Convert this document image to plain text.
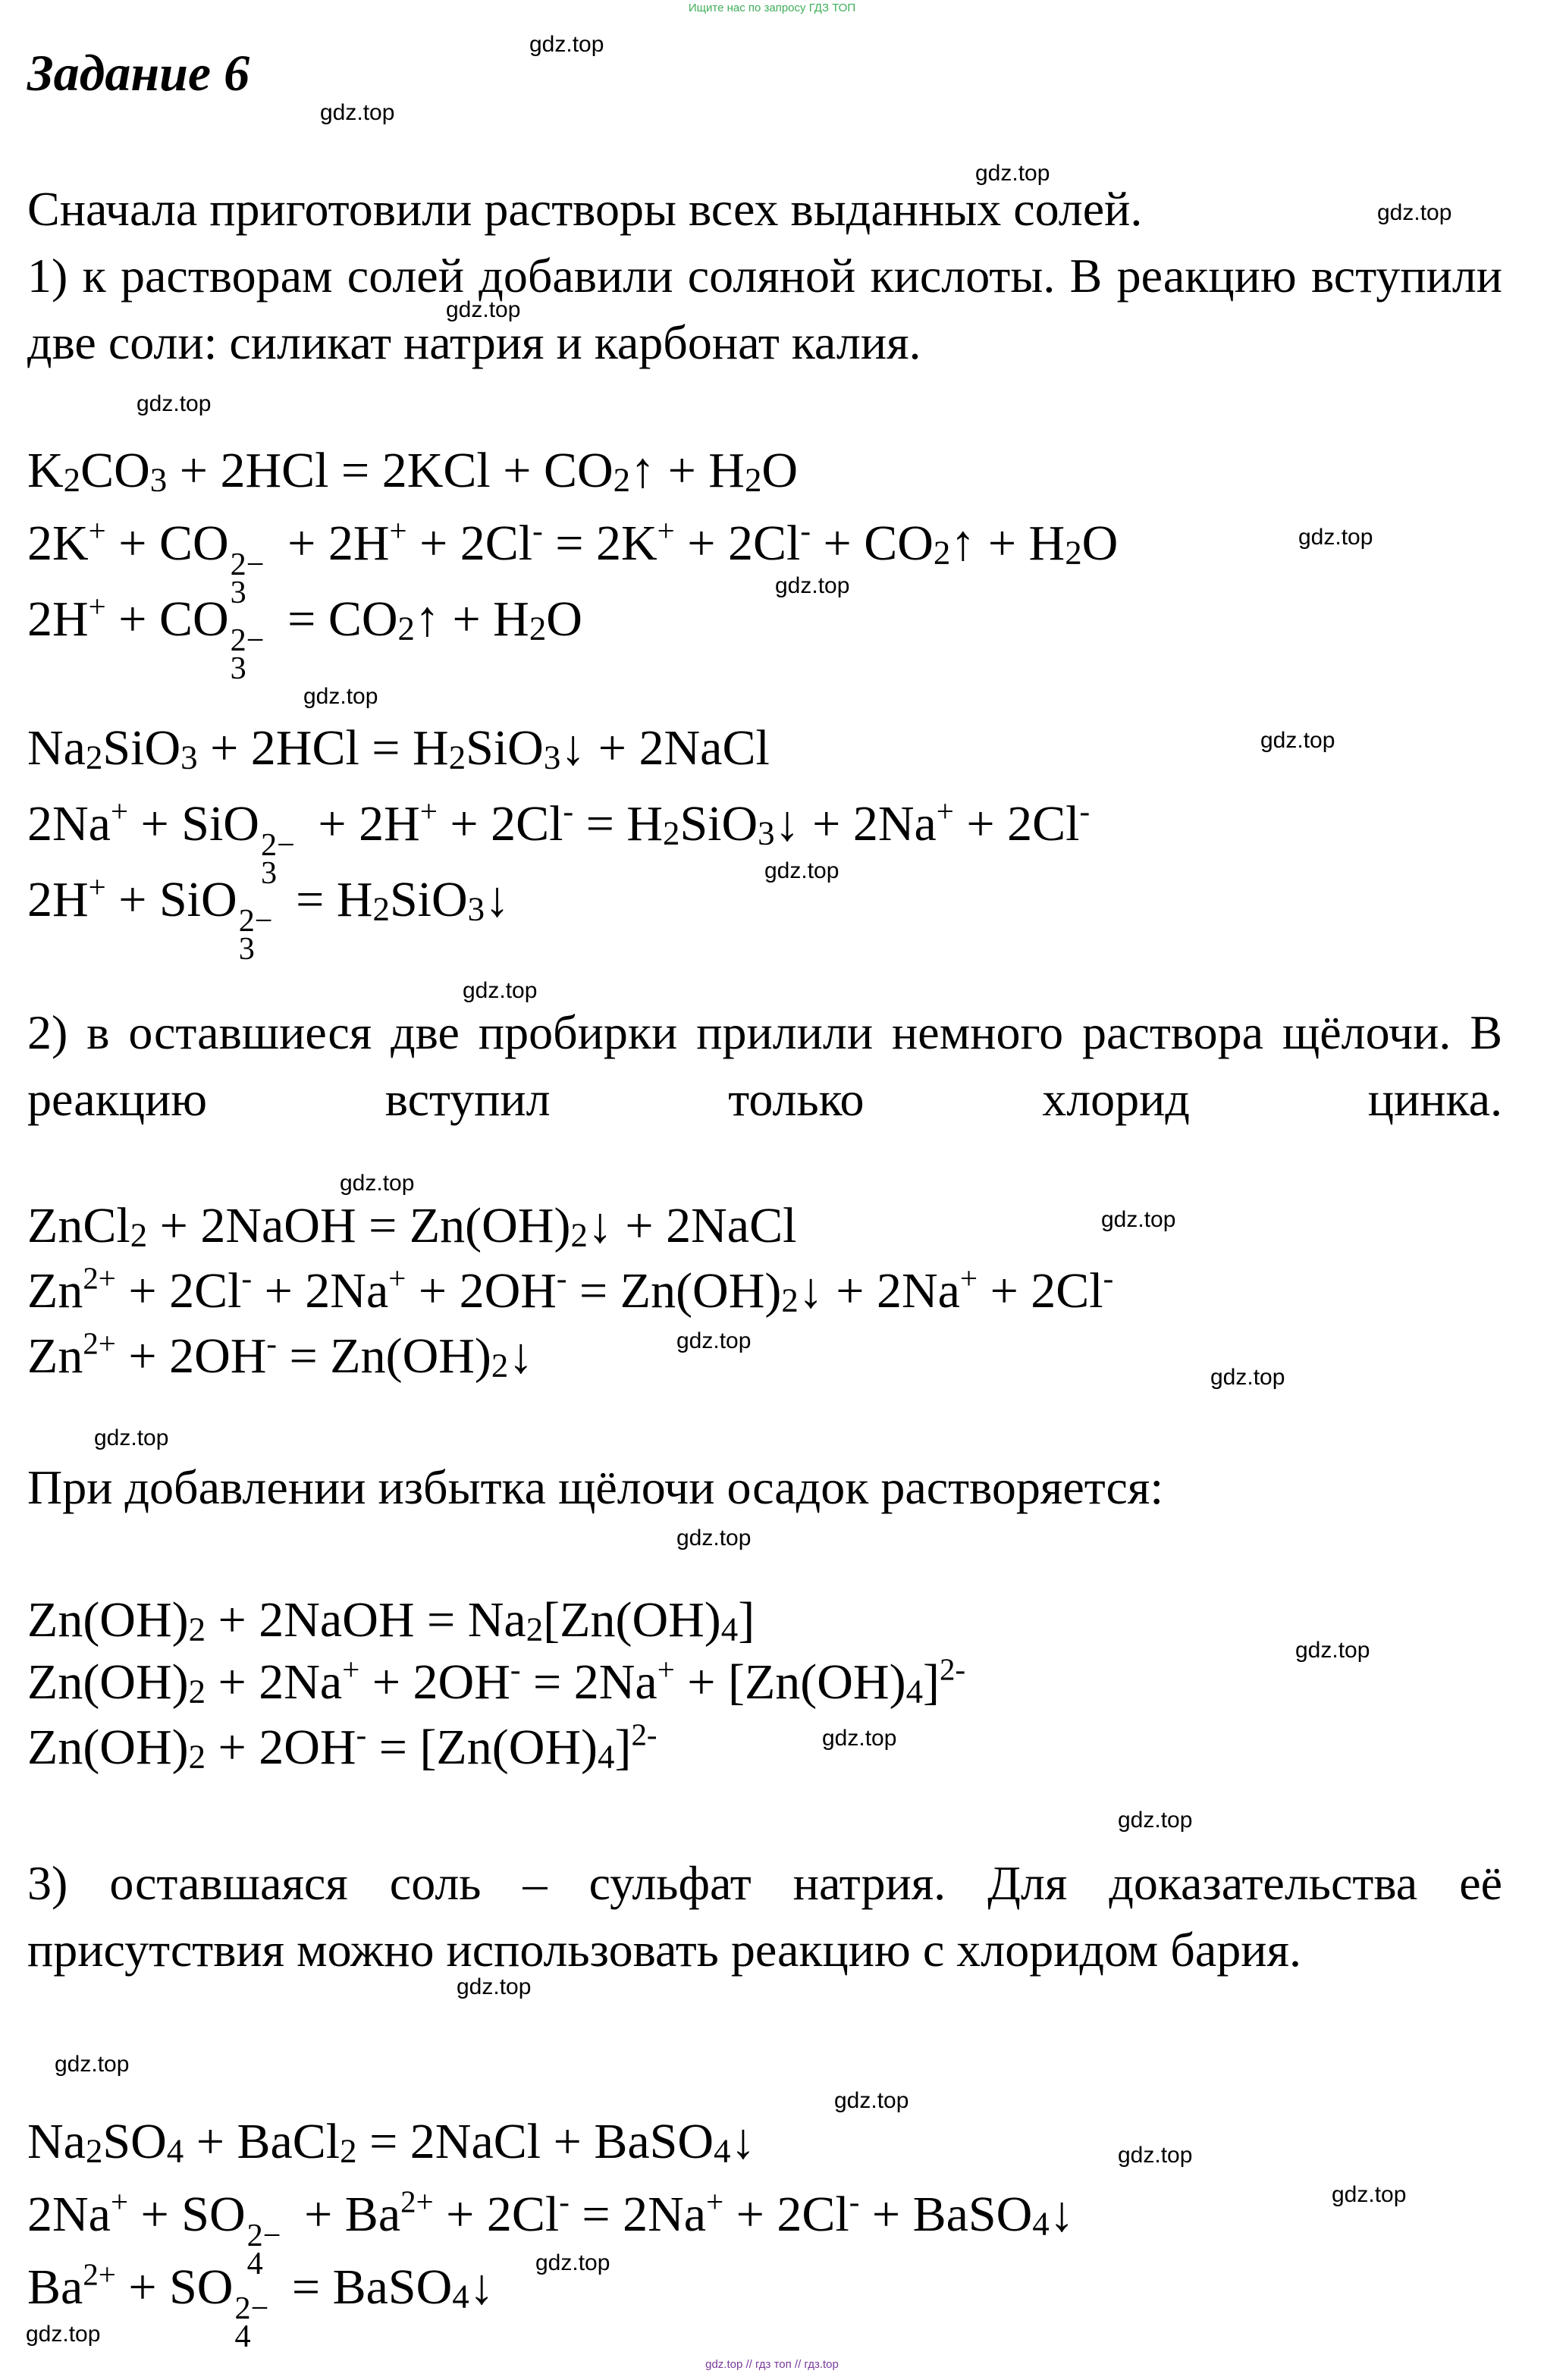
Ищите нас по запросу ГДЗ ТОП
Задание 6
Сначала приготовили растворы всех выданных солей.
1) к растворам солей добавили соляной кислоты. В реакцию вступили две соли: силикат натрия и карбонат калия.
$K_2CO_3 + 2HCl = 2KCl$ + $CO_2↑ + H_2O$
2K+ + CO 2−
3
+ $2H^+ + 2Cl^- = 2K^+ + 2Cl^- + CO_2↑ + H_2O$
2H+ + CO 2−
3
= $CO_2↑ + H_2O$
$Na_2SiO_3 + 2HCl$ = $H_2SiO_3↓$ + 2NaCl
2Na+ + SiO 2−
3
+ $2H^+ + 2Cl^- = H_2SiO_3↓ + 2Na^+ + 2Cl^-$
2H+ + SiO 2−
3
= $H_2SiO_3↓$
2) в оставшиеся две пробирки прилили немного раствора щёлочи. В реакцию вступил только хлорид цинка.
ZnCl$_2$ + 2NaOH = $Zn(OH)_2↓$ + 2NaCl
$Zn^{2+} + 2Cl^- + 2Na^+ + 2OH^-$ = $Zn(OH)_2↓ + 2Na^+ + 2Cl^-$
$Zn^{2+} + 2OH^-$ = $Zn(OH)_2↓$
При добавлении избытка щёлочи осадок растворяется:
$Zn(OH)_2$ + 2NaOH = $Na_2[Zn(OH)_4]$
$Zn(OH)_2 + 2Na^+ + 2OH^- = 2Na^+ + [Zn(OH)_4]^{2-}$
$Zn(OH)_2 + 2OH^- = [Zn(OH)_4]^{2-}$
3) оставшаяся соль – сульфат натрия. Для доказательства её присутствия можно использовать реакцию с хлоридом бария.
$Na_2SO_4$ + BaCl$_2$ = 2NaCl + BaSO$_4$↓
2Na+ + SO 2−
4
+ $Ba^{2+} + 2Cl^- = 2Na^+ + 2Cl^-$ + BaSO$_4$↓
$Ba^{2+}$ + SO 2−
4
= BaSO$_4$↓
gdz.top
gdz.top
gdz.top
gdz.top
gdz.top
gdz.top
gdz.top
gdz.top
gdz.top
gdz.top
gdz.top
gdz.top
gdz.top
gdz.top
gdz.top
gdz.top
gdz.top
gdz.top
gdz.top
gdz.top
gdz.top
gdz.top
gdz.top
gdz.top
gdz.top
gdz.top
gdz.top
gdz.top
gdz.top // гдз топ // гдз.top
